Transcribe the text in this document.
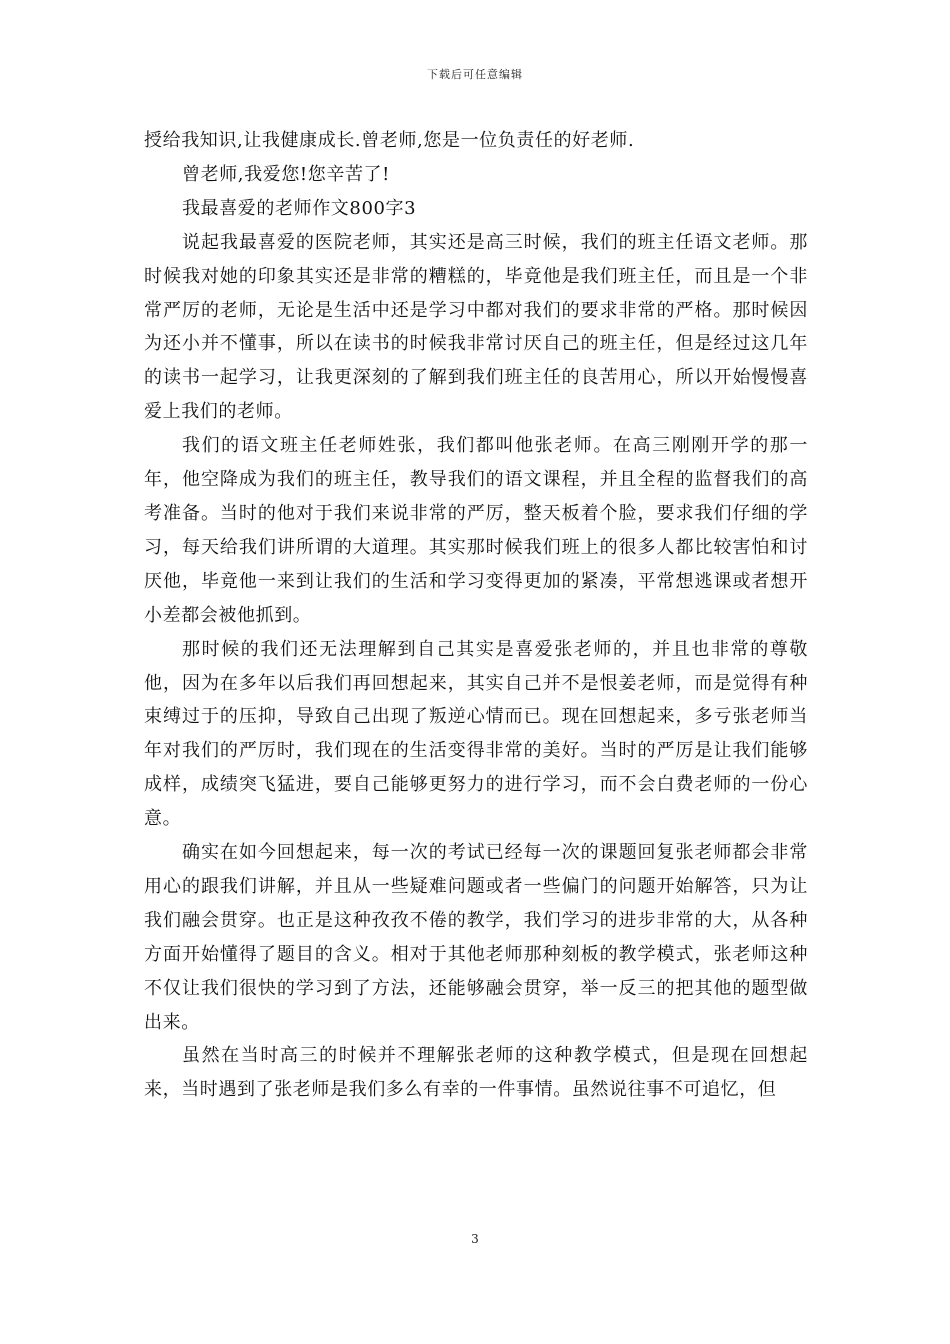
下载后可任意编辑

授给我知识,让我健康成长.曾老师,您是一位负责任的好老师.

曾老师,我爱您!您辛苦了!

我最喜爱的老师作文800字3

说起我最喜爱的医院老师，其实还是高三时候，我们的班主任语文老师。那时候我对她的印象其实还是非常的糟糕的，毕竟他是我们班主任，而且是一个非常严厉的老师，无论是生活中还是学习中都对我们的要求非常的严格。那时候因为还小并不懂事，所以在读书的时候我非常讨厌自己的班主任，但是经过这几年的读书一起学习，让我更深刻的了解到我们班主任的良苦用心，所以开始慢慢喜爱上我们的老师。

我们的语文班主任老师姓张，我们都叫他张老师。在高三刚刚开学的那一年，他空降成为我们的班主任，教导我们的语文课程，并且全程的监督我们的高考准备。当时的他对于我们来说非常的严厉，整天板着个脸，要求我们仔细的学习，每天给我们讲所谓的大道理。其实那时候我们班上的很多人都比较害怕和讨厌他，毕竟他一来到让我们的生活和学习变得更加的紧凑，平常想逃课或者想开小差都会被他抓到。

那时候的我们还无法理解到自己其实是喜爱张老师的，并且也非常的尊敬他，因为在多年以后我们再回想起来，其实自己并不是恨姜老师，而是觉得有种束缚过于的压抑，导致自己出现了叛逆心情而已。现在回想起来，多亏张老师当年对我们的严厉时，我们现在的生活变得非常的美好。当时的严厉是让我们能够成样，成绩突飞猛进，要自己能够更努力的进行学习，而不会白费老师的一份心意。

确实在如今回想起来，每一次的考试已经每一次的课题回复张老师都会非常用心的跟我们讲解，并且从一些疑难问题或者一些偏门的问题开始解答，只为让我们融会贯穿。也正是这种孜孜不倦的教学，我们学习的进步非常的大，从各种方面开始懂得了题目的含义。相对于其他老师那种刻板的教学模式，张老师这种不仅让我们很快的学习到了方法，还能够融会贯穿，举一反三的把其他的题型做出来。

虽然在当时高三的时候并不理解张老师的这种教学模式，但是现在回想起来，当时遇到了张老师是我们多么有幸的一件事情。虽然说往事不可追忆，但

3
